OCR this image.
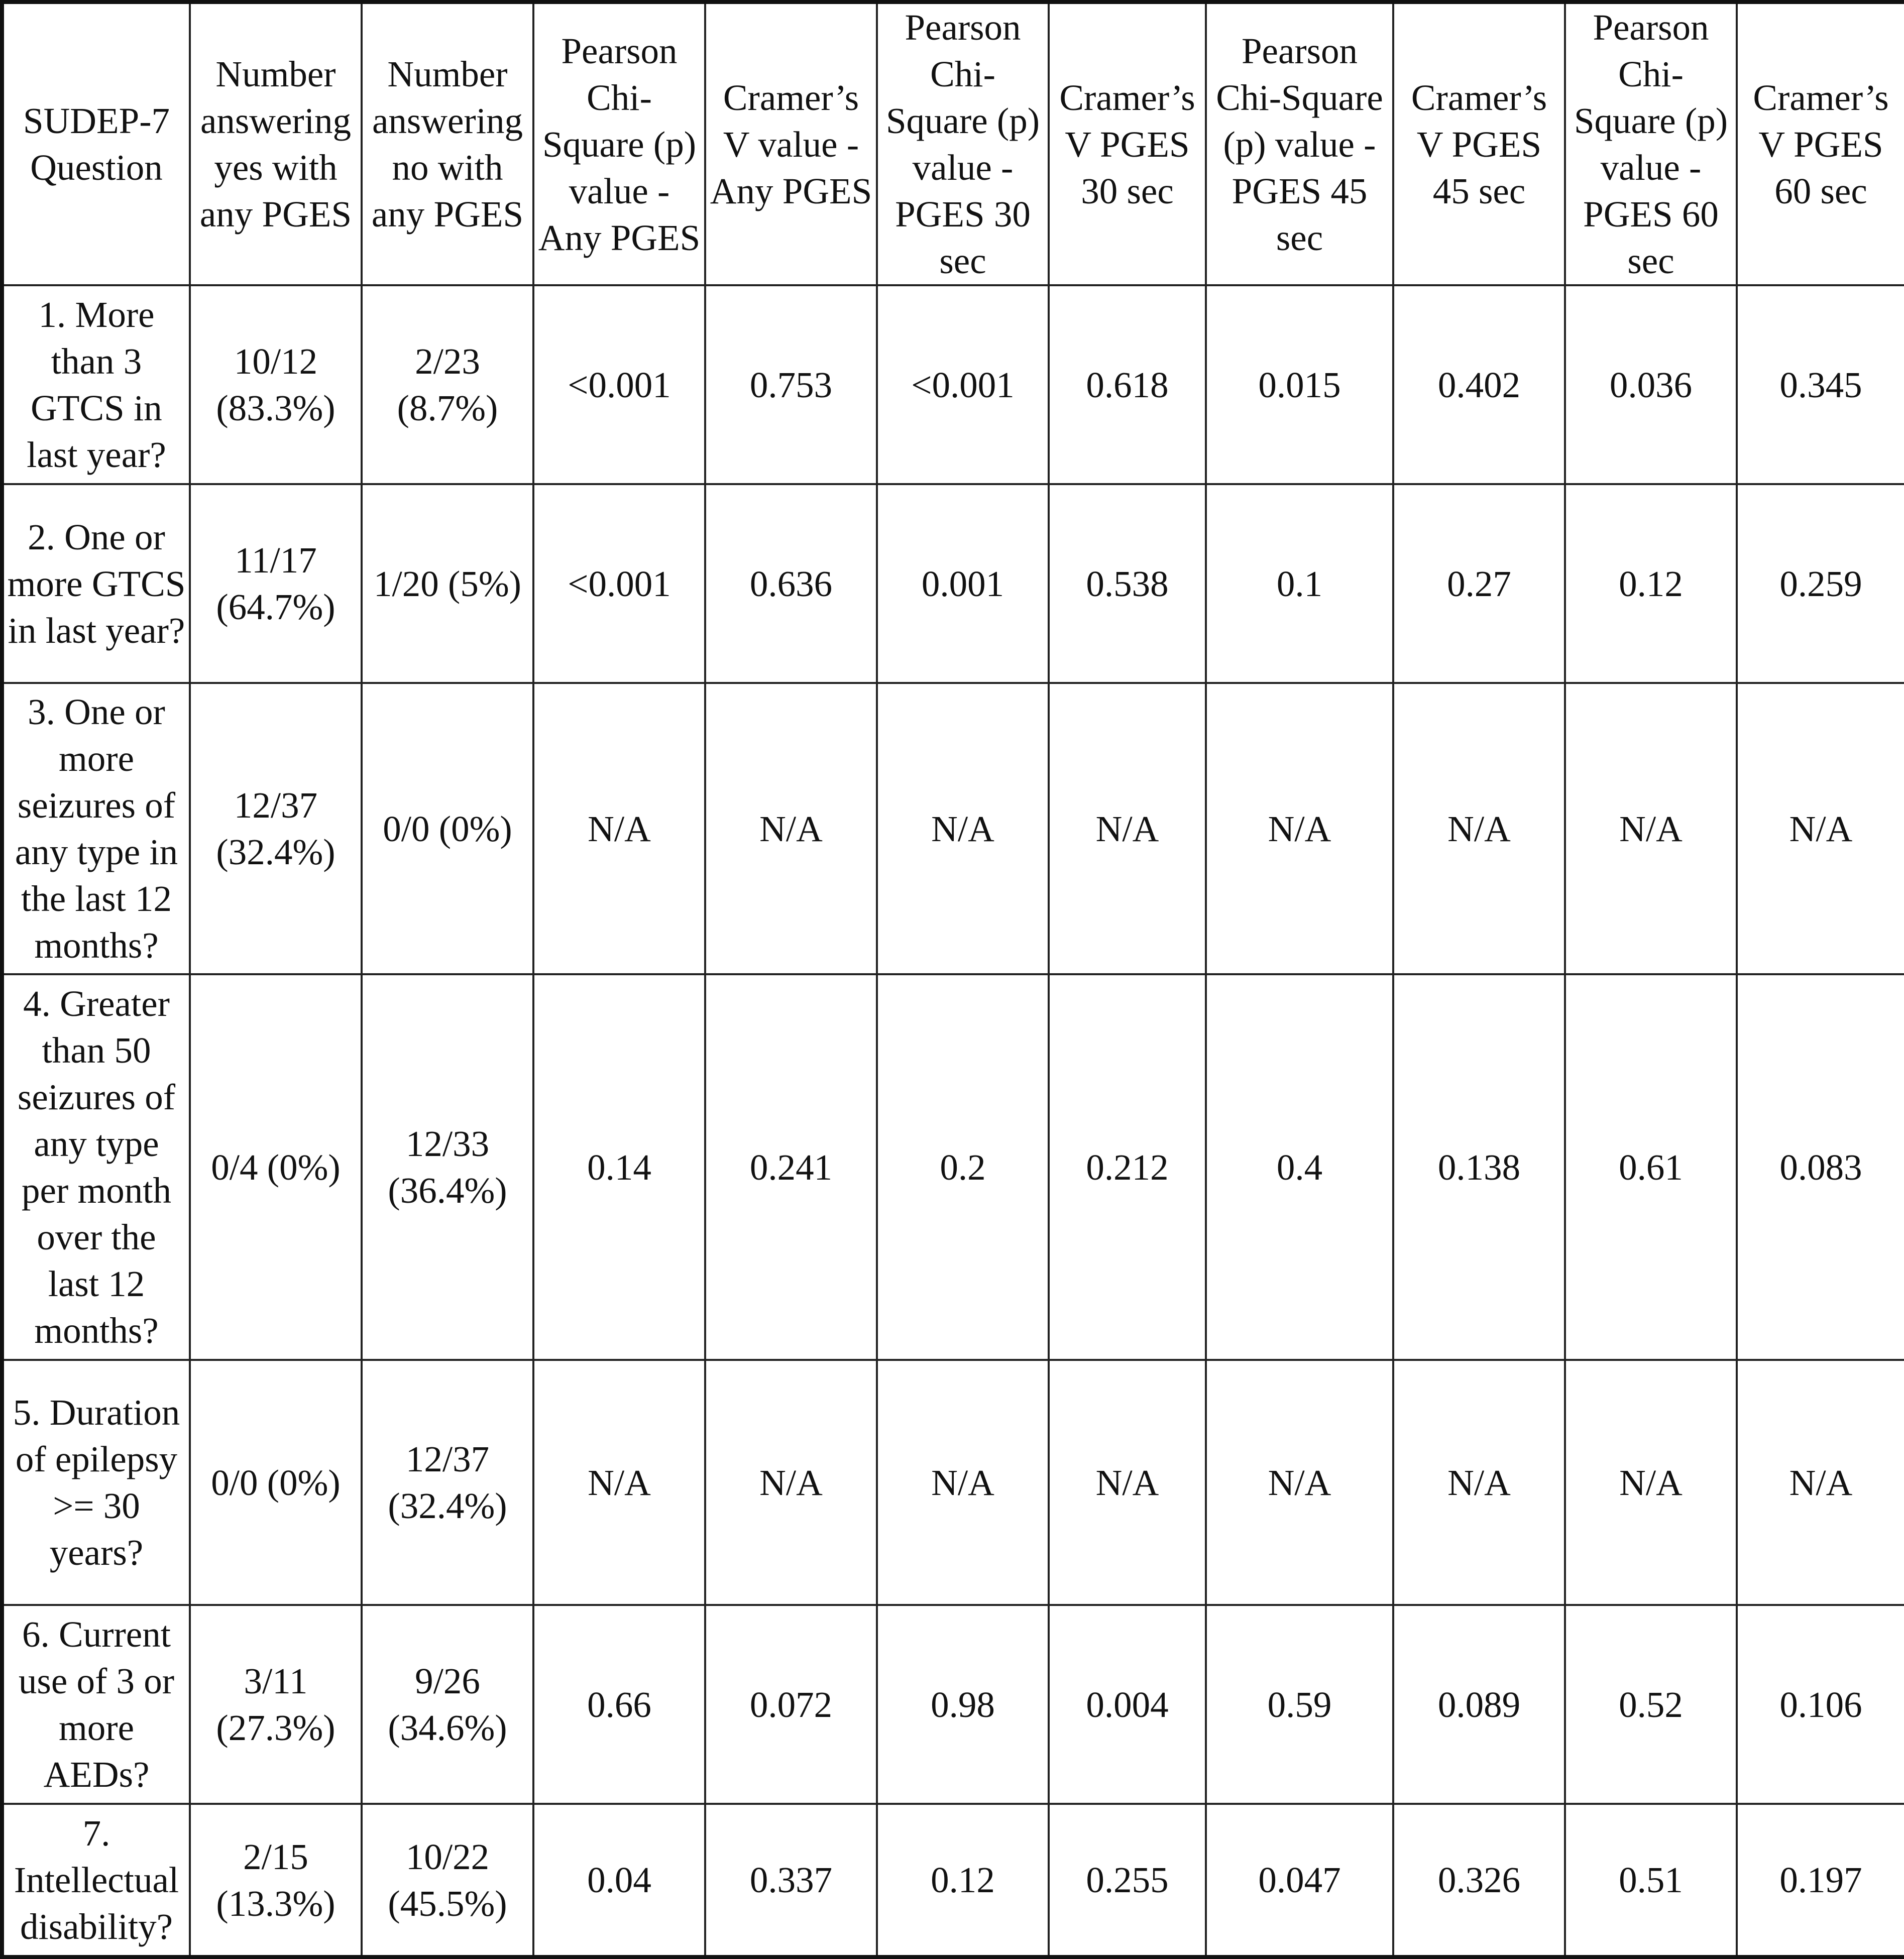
SUDEP-7 Question	Number answering yes with any PGES	Number answering no with any PGES	Pearson Chi-Square (p) value - Any PGES	Cramer’s V value - Any PGES	Pearson Chi-Square (p) value - PGES 30 sec	Cramer’s V PGES 30 sec	Pearson Chi-Square (p) value - PGES 45 sec	Cramer’s V PGES 45 sec	Pearson Chi-Square (p) value - PGES 60 sec	Cramer’s V PGES 60 sec
1. More than 3 GTCS in last year?	10/12 (83.3%)	2/23 (8.7%)	<0.001	0.753	<0.001	0.618	0.015	0.402	0.036	0.345
2. One or more GTCS in last year?	11/17 (64.7%)	1/20 (5%)	<0.001	0.636	0.001	0.538	0.1	0.27	0.12	0.259
3. One or more seizures of any type in the last 12 months?	12/37 (32.4%)	0/0 (0%)	N/A	N/A	N/A	N/A	N/A	N/A	N/A	N/A
4. Greater than 50 seizures of any type per month over the last 12 months?	0/4 (0%)	12/33 (36.4%)	0.14	0.241	0.2	0.212	0.4	0.138	0.61	0.083
5. Duration of epilepsy >= 30 years?	0/0 (0%)	12/37 (32.4%)	N/A	N/A	N/A	N/A	N/A	N/A	N/A	N/A
6. Current use of 3 or more AEDs?	3/11 (27.3%)	9/26 (34.6%)	0.66	0.072	0.98	0.004	0.59	0.089	0.52	0.106
7. Intellectual disability?	2/15 (13.3%)	10/22 (45.5%)	0.04	0.337	0.12	0.255	0.047	0.326	0.51	0.197
